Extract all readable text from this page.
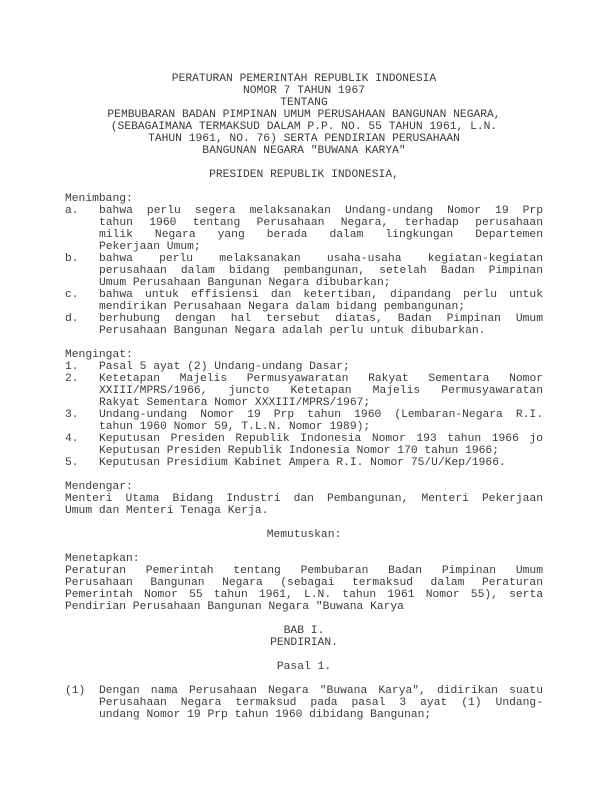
PERATURAN PEMERINTAH REPUBLIK INDONESIA
NOMOR 7 TAHUN 1967
TENTANG
PEMBUBARAN BADAN PIMPINAN UMUM PERUSAHAAN BANGUNAN NEGARA,
(SEBAGAIMANA TERMAKSUD DALAM P.P. NO. 55 TAHUN 1961, L.N.
TAHUN 1961, NO. 76) SERTA PENDIRIAN PERUSAHAAN
BANGUNAN NEGARA "BUWANA KARYA"
PRESIDEN REPUBLIK INDONESIA,
Menimbang:
a. bahwa perlu segera melaksanakan Undang-undang Nomor 19 Prp
tahun 1960 tentang Perusahaan Negara, terhadap perusahaan
milik Negara yang berada dalam lingkungan Departemen
Pekerjaan Umum;
b. bahwa perlu melaksanakan usaha-usaha kegiatan-kegiatan
perusahaan dalam bidang pembangunan, setelah Badan Pimpinan
Umum Perusahaan Bangunan Negara dibubarkan;
c. bahwa untuk effisiensi dan ketertiban, dipandang perlu untuk
mendirikan Perusahaan Negara dalam bidang pembangunan;
d. berhubung dengan hal tersebut diatas, Badan Pimpinan Umum
Perusahaan Bangunan Negara adalah perlu untuk dibubarkan.
Mengingat:
1. Pasal 5 ayat (2) Undang-undang Dasar;
2. Ketetapan Majelis Permusyawaratan Rakyat Sementara Nomor
XXIII/MPRS/1966, juncto Ketetapan Majelis Permusyawaratan
Rakyat Sementara Nomor XXXIII/MPRS/1967;
3. Undang-undang Nomor 19 Prp tahun 1960 (Lembaran-Negara R.I.
tahun 1960 Nomor 59, T.L.N. Nomor 1989);
4. Keputusan Presiden Republik Indonesia Nomor 193 tahun 1966 jo
Keputusan Presiden Republik Indonesia Nomor 170 tahun 1966;
5. Keputusan Presidium Kabinet Ampera R.I. Nomor 75/U/Kep/1966.
Mendengar:
Menteri Utama Bidang Industri dan Pembangunan, Menteri Pekerjaan
Umum dan Menteri Tenaga Kerja.
Memutuskan:
Menetapkan:
Peraturan Pemerintah tentang Pembubaran Badan Pimpinan Umum
Perusahaan Bangunan Negara (sebagai termaksud dalam Peraturan
Pemerintah Nomor 55 tahun 1961, L.N. tahun 1961 Nomor 55), serta
Pendirian Perusahaan Bangunan Negara "Buwana Karya
BAB I.
PENDIRIAN.
Pasal 1.
(1) Dengan nama Perusahaan Negara "Buwana Karya", didirikan suatu
Perusahaan Negara termaksud pada pasal 3 ayat (1) Undang-
undang Nomor 19 Prp tahun 1960 dibidang Bangunan;
